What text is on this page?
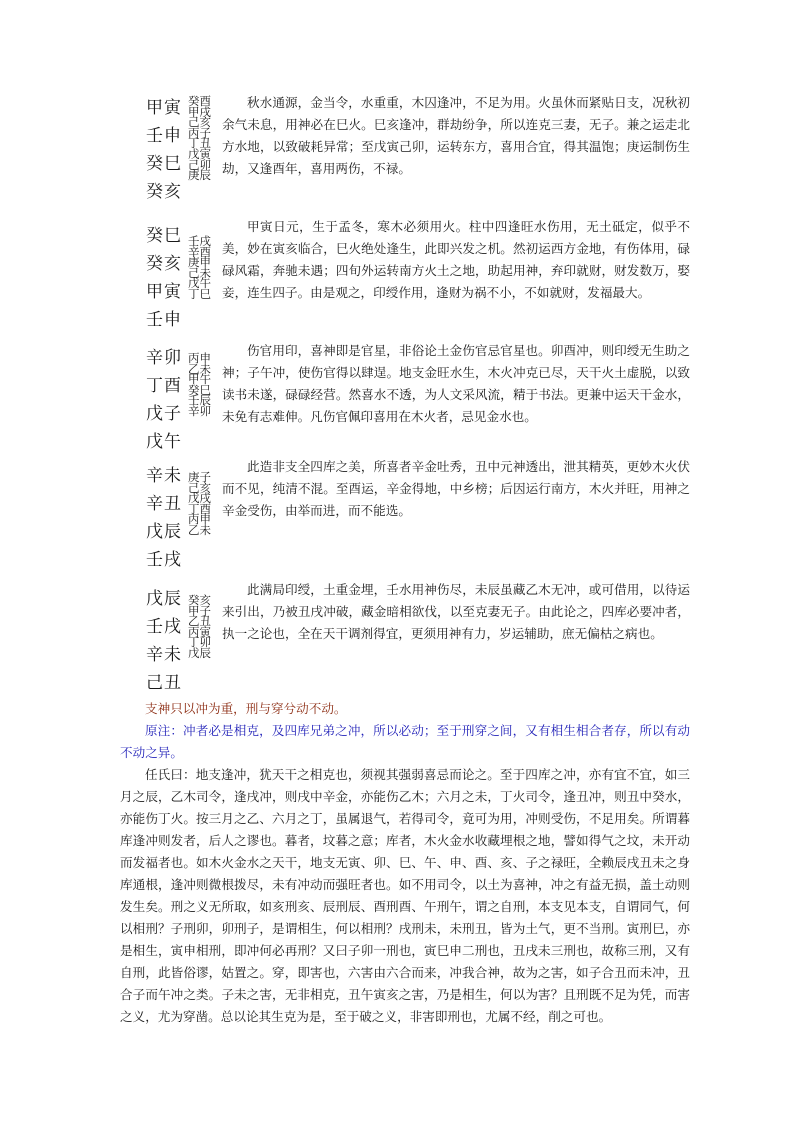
甲寅
壬申
癸巳
癸亥
癸酉
甲戌
己亥
丙子
丁丑
戊寅
己卯
庚辰

秋水通源，金当令，水重重，木囚逢冲，不足为用。火虽休而紧贴日支，况秋初余气未息，用神必在巳火。巳亥逢冲，群劫纷争，所以连克三妻，无子。兼之运走北方水地，以致破耗异常；至戊寅己卯，运转东方，喜用合宜，得其温饱；庚运制伤生劫，又逢酉年，喜用两伤，不禄。

癸巳
癸亥
甲寅
壬申
壬戌
辛酉
庚申
己未
戊午
丁巳

甲寅日元，生于孟冬，寒木必须用火。柱中四逢旺水伤用，无土砥定，似乎不美，妙在寅亥临合，巳火绝处逢生，此即兴发之机。然初运西方金地，有伤体用，碌碌风霜，奔驰未遇；四旬外运转南方火土之地，助起用神，弃印就财，财发数万，娶妾，连生四子。由是观之，印绶作用，逢财为祸不小，不如就财，发福最大。

辛卯
丁酉
戊子
戊午
丙申
乙未
甲午
癸巳
壬辰
辛卯

伤官用印，喜神即是官星，非俗论土金伤官忌官星也。卯酉冲，则印绶无生助之神；子午冲，使伤官得以肆逞。地支金旺水生，木火冲克已尽，天干火土虚脱，以致读书未遂，碌碌经营。然喜水不透，为人文采风流，精于书法。更兼中运天干金水，未免有志难伸。凡伤官佩印喜用在木火者，忌见金水也。

辛未
辛丑
戊辰
壬戌
庚子
己亥
戊戌
丁酉
丙申
乙未

此造非支全四库之美，所喜者辛金吐秀，丑中元神透出，泄其精英，更妙木火伏而不见，纯清不混。至酉运，辛金得地，中乡榜；后因运行南方，木火并旺，用神之辛金受伤，由举而进，而不能选。

戊辰
壬戌
辛未
己丑
癸亥
甲子
乙丑
丙寅
丁卯
戊辰

此满局印绶，土重金埋，壬水用神伤尽，未辰虽藏乙木无冲，或可借用，以待运来引出，乃被丑戌冲破，藏金暗相欲伐，以至克妻无子。由此论之，四库必要冲者，执一之论也，全在天干调剂得宜，更须用神有力，岁运辅助，庶无偏枯之病也。

支神只以冲为重，刑与穿兮动不动。

原注：冲者必是相克，及四库兄弟之冲，所以必动；至于刑穿之间，又有相生相合者存，所以有动不动之异。

任氏曰：地支逢冲，犹天干之相克也，须视其强弱喜忌而论之。至于四库之冲，亦有宜不宜，如三月之辰，乙木司令，逢戌冲，则戌中辛金，亦能伤乙木；六月之未，丁火司令，逢丑冲，则丑中癸水，亦能伤丁火。按三月之乙、六月之丁，虽属退气，若得司令，竟可为用，冲则受伤，不足用矣。所谓暮库逢冲则发者，后人之谬也。暮者，坟暮之意；库者，木火金水收藏埋根之地，譬如得气之坟，未开动而发福者也。如木火金水之天干，地支无寅、卯、巳、午、申、酉、亥、子之禄旺，全赖辰戌丑未之身库通根，逢冲则微根拨尽，未有冲动而强旺者也。如不用司令，以土为喜神，冲之有益无损，盖土动则发生矣。刑之义无所取，如亥刑亥、辰刑辰、酉刑酉、午刑午，谓之自刑，本支见本支，自谓同气，何以相刑？子刑卯，卯刑子，是谓相生，何以相刑？戌刑未，未刑丑，皆为土气，更不当刑。寅刑巳，亦是相生，寅申相刑，即冲何必再刑？又曰子卯一刑也，寅巳申二刑也，丑戌未三刑也，故称三刑，又有自刑，此皆俗谬，姑置之。穿，即害也，六害由六合而来，冲我合神，故为之害，如子合丑而未冲，丑合子而午冲之类。子未之害，无非相克，丑午寅亥之害，乃是相生，何以为害？且刑既不足为凭，而害之义，尤为穿凿。总以论其生克为是，至于破之义，非害即刑也，尤属不经，削之可也。
